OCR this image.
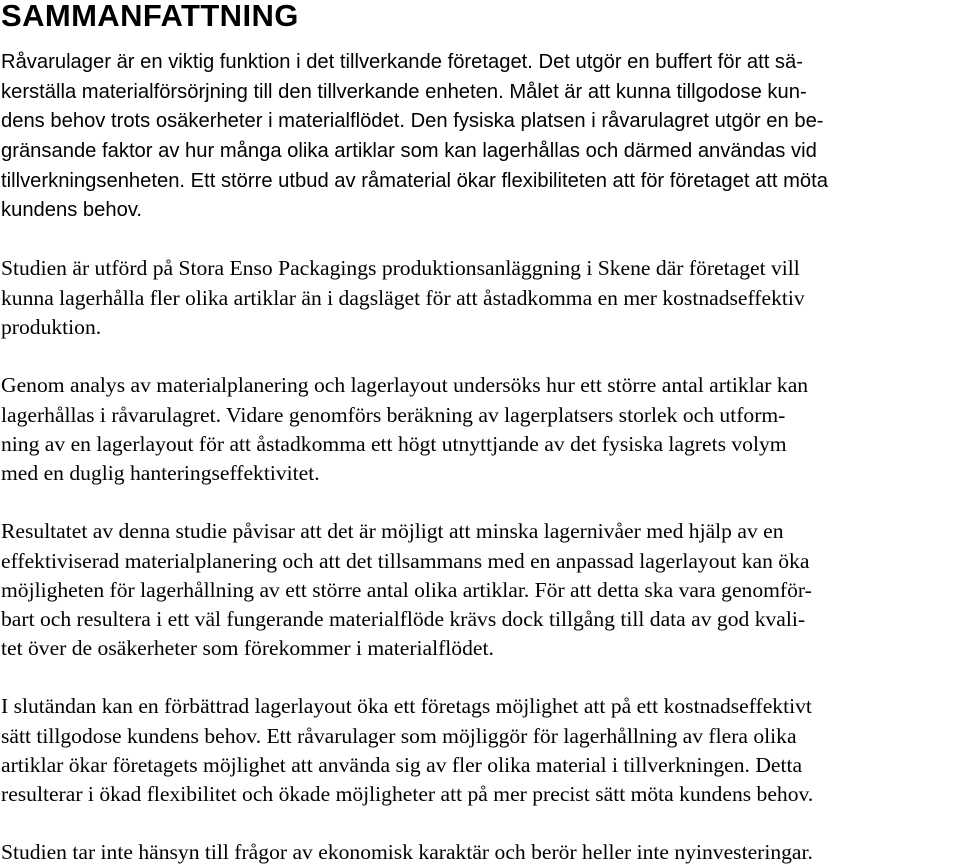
SAMMANFATTNING

Råvarulager är en viktig funktion i det tillverkande företaget. Det utgör en buffert för att sä-

kerställa materialförsörjning till den tillverkande enheten. Målet är att kunna tillgodose kun-

dens behov trots osäkerheter i materialflödet. Den fysiska platsen i råvarulagret utgör en be-

gränsande faktor av hur många olika artiklar som kan lagerhållas och därmed användas vid

tillverkningsenheten. Ett större utbud av råmaterial ökar flexibiliteten att för företaget att möta

kundens behov.

Studien är utförd på Stora Enso Packagings produktionsanläggning i Skene där företaget vill

kunna lagerhålla fler olika artiklar än i dagsläget för att åstadkomma en mer kostnadseffektiv

produktion.

Genom analys av materialplanering och lagerlayout undersöks hur ett större antal artiklar kan

lagerhållas i råvarulagret. Vidare genomförs beräkning av lagerplatsers storlek och utform-

ning av en lagerlayout för att åstadkomma ett högt utnyttjande av det fysiska lagrets volym

med en duglig hanteringseffektivitet.

Resultatet av denna studie påvisar att det är möjligt att minska lagernivåer med hjälp av en

effektiviserad materialplanering och att det tillsammans med en anpassad lagerlayout kan öka

möjligheten för lagerhållning av ett större antal olika artiklar. För att detta ska vara genomför-

bart och resultera i ett väl fungerande materialflöde krävs dock tillgång till data av god kvali-

tet över de osäkerheter som förekommer i materialflödet.

I slutändan kan en förbättrad lagerlayout öka ett företags möjlighet att på ett kostnadseffektivt

sätt tillgodose kundens behov. Ett råvarulager som möjliggör för lagerhållning av flera olika

artiklar ökar företagets möjlighet att använda sig av fler olika material i tillverkningen. Detta

resulterar i ökad flexibilitet och ökade möjligheter att på mer precist sätt möta kundens behov.

Studien tar inte hänsyn till frågor av ekonomisk karaktär och berör heller inte nyinvesteringar.
